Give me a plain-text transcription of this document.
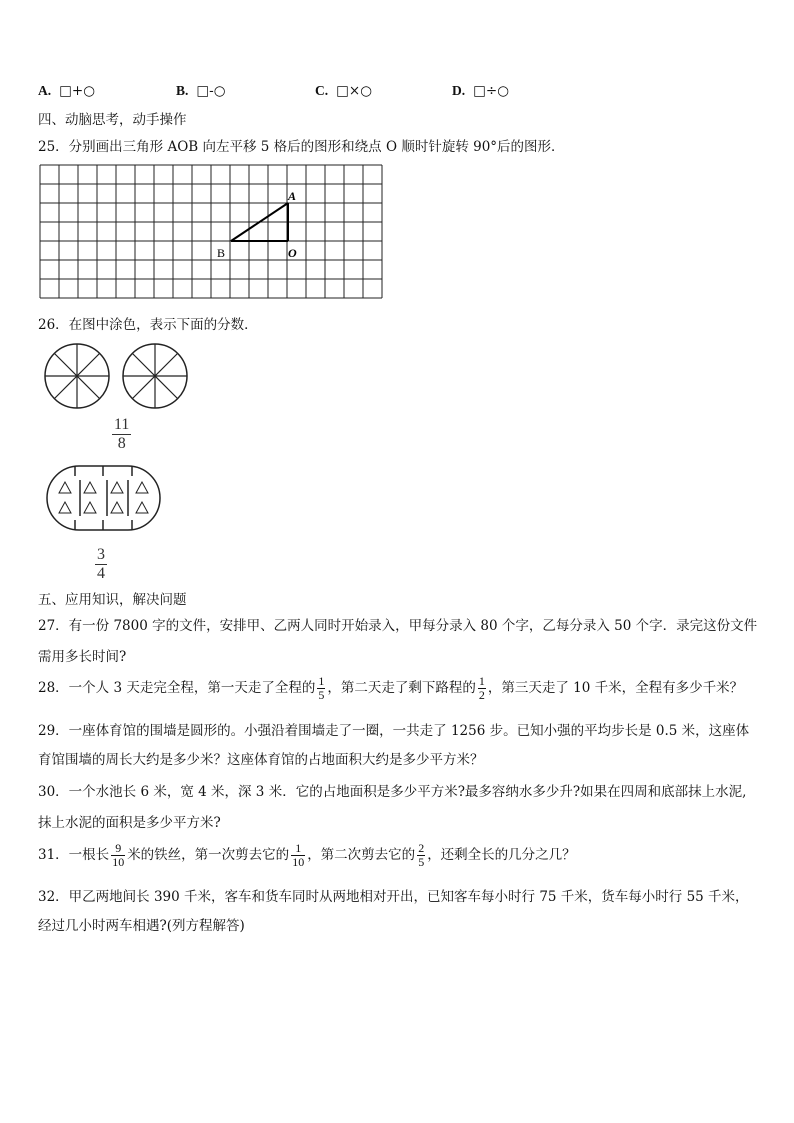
A. □+○	B. □-○	C. □×○	D. □÷○
四、动脑思考，动手操作
25．分别画出三角形 AOB 向左平移 5 格后的图形和绕点 O 顺时针旋转 90°后的图形．
A
B	O
26．在图中涂色，表示下面的分数．
$\frac{11}{8}$
$\frac{3}{4}$
五、应用知识，解决问题
27．有一份 7800 字的文件，安排甲、乙两人同时开始录入，甲每分录入 80 个字，乙每分录入 50 个字．录完这份文件
需用多长时间?
28．一个人 3 天走完全程，第一天走了全程的 $\frac{1}{5}$ ，第二天走了剩下路程的 $\frac{1}{2}$ ，第三天走了 10 千米，全程有多少千米？
29．一座体育馆的围墙是圆形的。小强沿着围墙走了一圈，一共走了 1256 步。已知小强的平均步长是 0.5 米，这座体
育馆围墙的周长大约是多少米？这座体育馆的占地面积大约是多少平方米？
30．一个水池长 6 米，宽 4 米，深 3 米．它的占地面积是多少平方米?最多容纳水多少升?如果在四周和底部抹上水泥,
抹上水泥的面积是多少平方米?
31．一根长 $\frac{9}{10}$ 米的铁丝，第一次剪去它的 $\frac{1}{10}$ ，第二次剪去它的 $\frac{2}{5}$ ，还剩全长的几分之几？
32．甲乙两地间长 390 千米，客车和货车同时从两地相对开出，已知客车每小时行 75 千米，货车每小时行 55 千米，
经过几小时两车相遇?(列方程解答)
